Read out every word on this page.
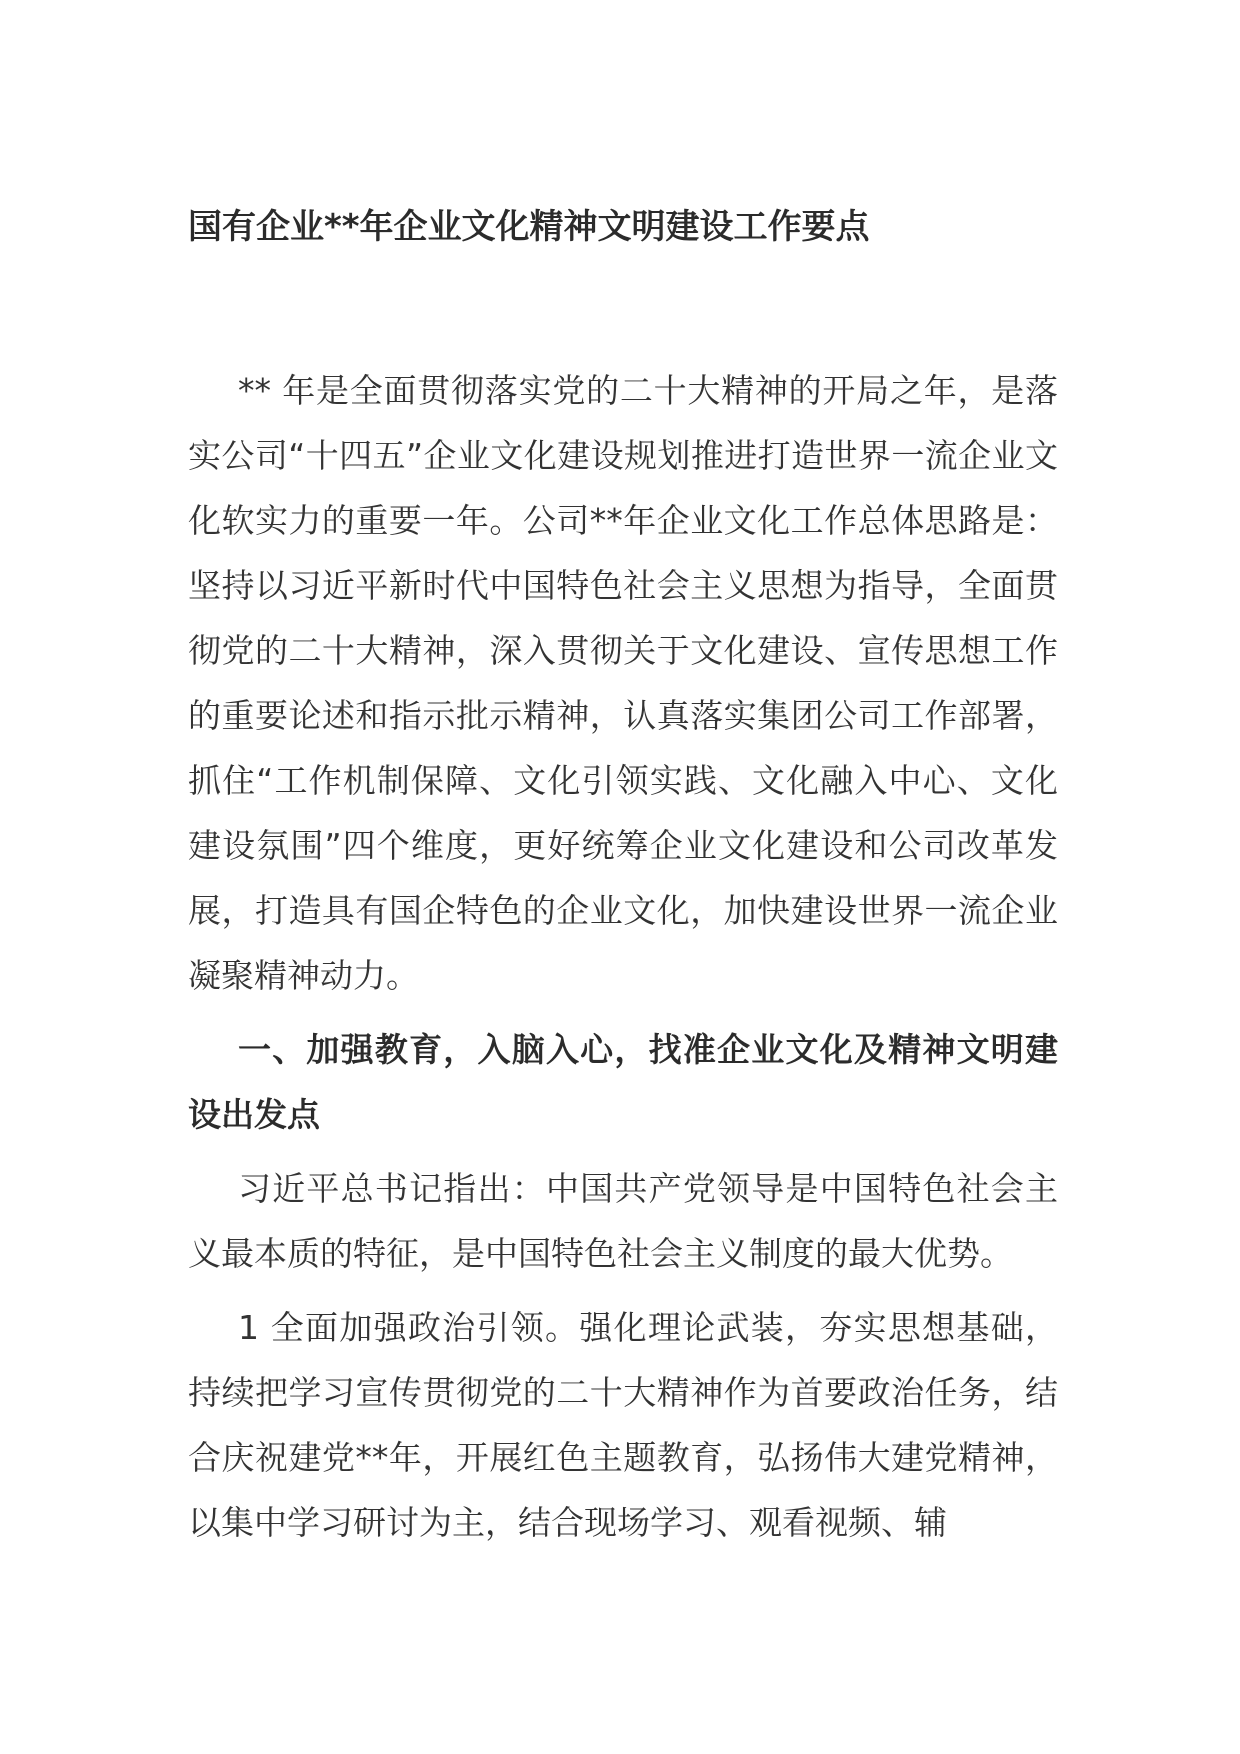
国有企业**年企业文化精神文明建设工作要点

** 年是全面贯彻落实党的二十大精神的开局之年，是落实公司“十四五”企业文化建设规划推进打造世界一流企业文化软实力的重要一年。公司**年企业文化工作总体思路是：坚持以习近平新时代中国特色社会主义思想为指导，全面贯彻党的二十大精神，深入贯彻关于文化建设、宣传思想工作的重要论述和指示批示精神，认真落实集团公司工作部署，抓住“工作机制保障、文化引领实践、文化融入中心、文化建设氛围”四个维度，更好统筹企业文化建设和公司改革发展，打造具有国企特色的企业文化，加快建设世界一流企业凝聚精神动力。

一、加强教育，入脑入心，找准企业文化及精神文明建设出发点

习近平总书记指出：中国共产党领导是中国特色社会主义最本质的特征，是中国特色社会主义制度的最大优势。

1 全面加强政治引领。强化理论武装，夯实思想基础，持续把学习宣传贯彻党的二十大精神作为首要政治任务，结合庆祝建党**年，开展红色主题教育，弘扬伟大建党精神，以集中学习研讨为主，结合现场学习、观看视频、辅
